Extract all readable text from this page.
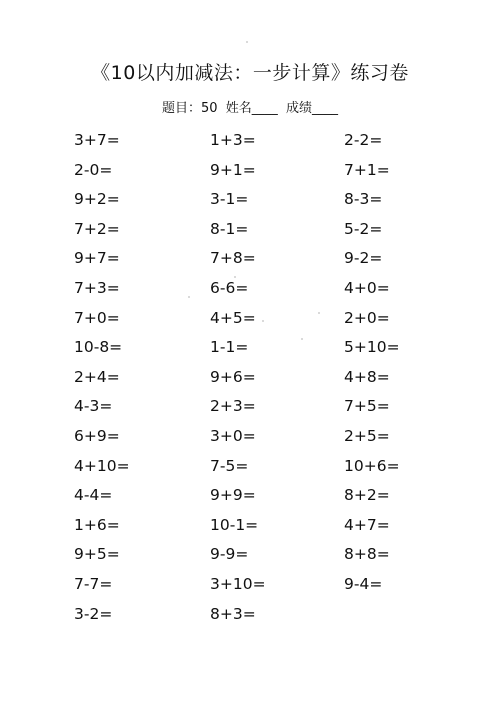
《10以内加减法：一步计算》练习卷
题目：50  姓名____  成绩____
3+7=
2-0=
9+2=
7+2=
9+7=
7+3=
7+0=
10-8=
2+4=
4-3=
6+9=
4+10=
4-4=
1+6=
9+5=
7-7=
3-2=
1+3=
9+1=
3-1=
8-1=
7+8=
6-6=
4+5=
1-1=
9+6=
2+3=
3+0=
7-5=
9+9=
10-1=
9-9=
3+10=
8+3=
2-2=
7+1=
8-3=
5-2=
9-2=
4+0=
2+0=
5+10=
4+8=
7+5=
2+5=
10+6=
8+2=
4+7=
8+8=
9-4=
